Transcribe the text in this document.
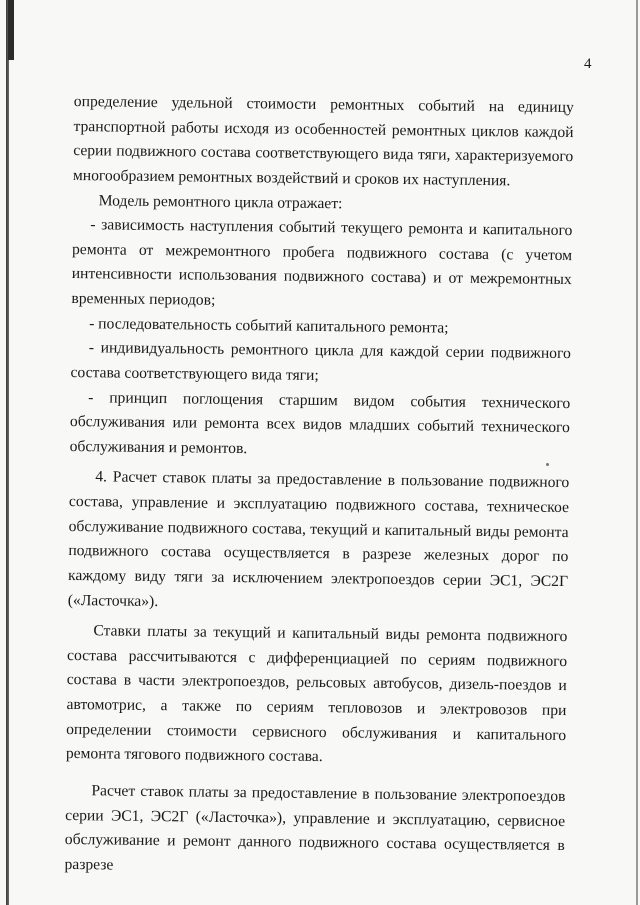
4

определение удельной стоимости ремонтных событий на единицу транспортной работы исходя из особенностей ремонтных циклов каждой серии подвижного состава соответствующего вида тяги, характеризуемого многообразием ремонтных воздействий и сроков их наступления.

Модель ремонтного цикла отражает:

- зависимость наступления событий текущего ремонта и капитального ремонта от межремонтного пробега подвижного состава (с учетом интенсивности использования подвижного состава) и от межремонтных временных периодов;

- последовательность событий капитального ремонта;

- индивидуальность ремонтного цикла для каждой серии подвижного состава соответствующего вида тяги;

- принцип поглощения старшим видом события технического обслуживания или ремонта всех видов младших событий технического обслуживания и ремонтов.

4. Расчет ставок платы за предоставление в пользование подвижного состава, управление и эксплуатацию подвижного состава, техническое обслуживание подвижного состава, текущий и капитальный виды ремонта подвижного состава осуществляется в разрезе железных дорог по каждому виду тяги за исключением электропоездов серии ЭС1, ЭС2Г («Ласточка»).

Ставки платы за текущий и капитальный виды ремонта подвижного состава рассчитываются с дифференциацией по сериям подвижного состава в части электропоездов, рельсовых автобусов, дизель-поездов и автомотрис, а также по сериям тепловозов и электровозов при определении стоимости сервисного обслуживания и капитального ремонта тягового подвижного состава.

Расчет ставок платы за предоставление в пользование электропоездов серии ЭС1, ЭС2Г («Ласточка»), управление и эксплуатацию, сервисное обслуживание и ремонт данного подвижного состава осуществляется в разрезе
